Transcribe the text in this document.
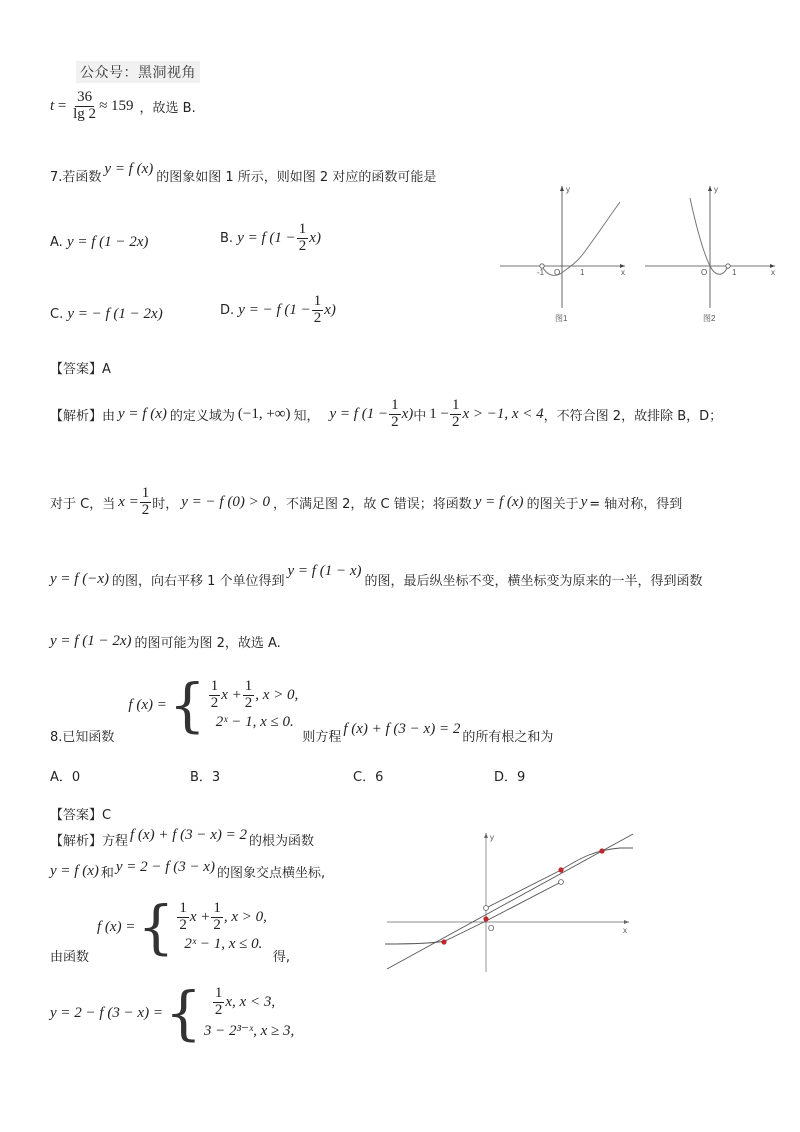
公众号：黑洞视角
$t = \frac{36}{\lg 2} \approx 159$ ，故选 B.
7.若函数
y = f (x)
的图象如图 1 所示，则如图 2 对应的函数可能是
A.
y = f (1 − 2x)	B.
y = f $(1 - \frac{1}{2} x)$
C.
y = − f (1 − 2x)	D.
y = − f $(1 - \frac{1}{2} x)$
y
x
O
-1	1
图1
y
x
O	1
图2
【答案】A
【解析】由 y = f (x) 的定义域为 (−1, +∞) 知， y = f $(1 - \frac{1}{2} x)$ 中 $1 - \frac{1}{2}$ x > −1, x < 4 ，不符合图 2，故排除 B，D；
对于 C，当 $x = \frac{1}{2}$ 时， y = − f (0) > 0 ，不满足图 2，故 C 错误；将函数 y = f (x) 的图关于 y = 轴对称，得到
y = f (−x) 的图，向右平移 1 个单位得到
y = f (1 − x)
的图，最后纵坐标不变，横坐标变为原来的一半，得到函数
y = f (1 − 2x) 的图可能为图 2，故选 A.
8.已知函数
f (x) = { $\frac{1}{2}$ $x + \frac{1}{2}$ , x > 0,
2ˣ − 1, x ≤ 0.
则方程
f (x) + f (3 − x) = 2
的所有根之和为
A．0	B．3	C．6	D．9
【答案】C
【解析】方程 f (x) + f (3 − x) = 2 的根为函数
y = f (x) 和 y = 2 − f (3 − x) 的图象交点横坐标,
由函数
f (x) = { $\frac{1}{2}$ $x + \frac{1}{2}$ , x > 0,
2ˣ − 1, x ≤ 0.
得,
y = 2 − f (3 − x) = { $\frac{1}{2} x$, x < 3,
3 − 2³⁻ˣ, x ≥ 3,
y
x
O
